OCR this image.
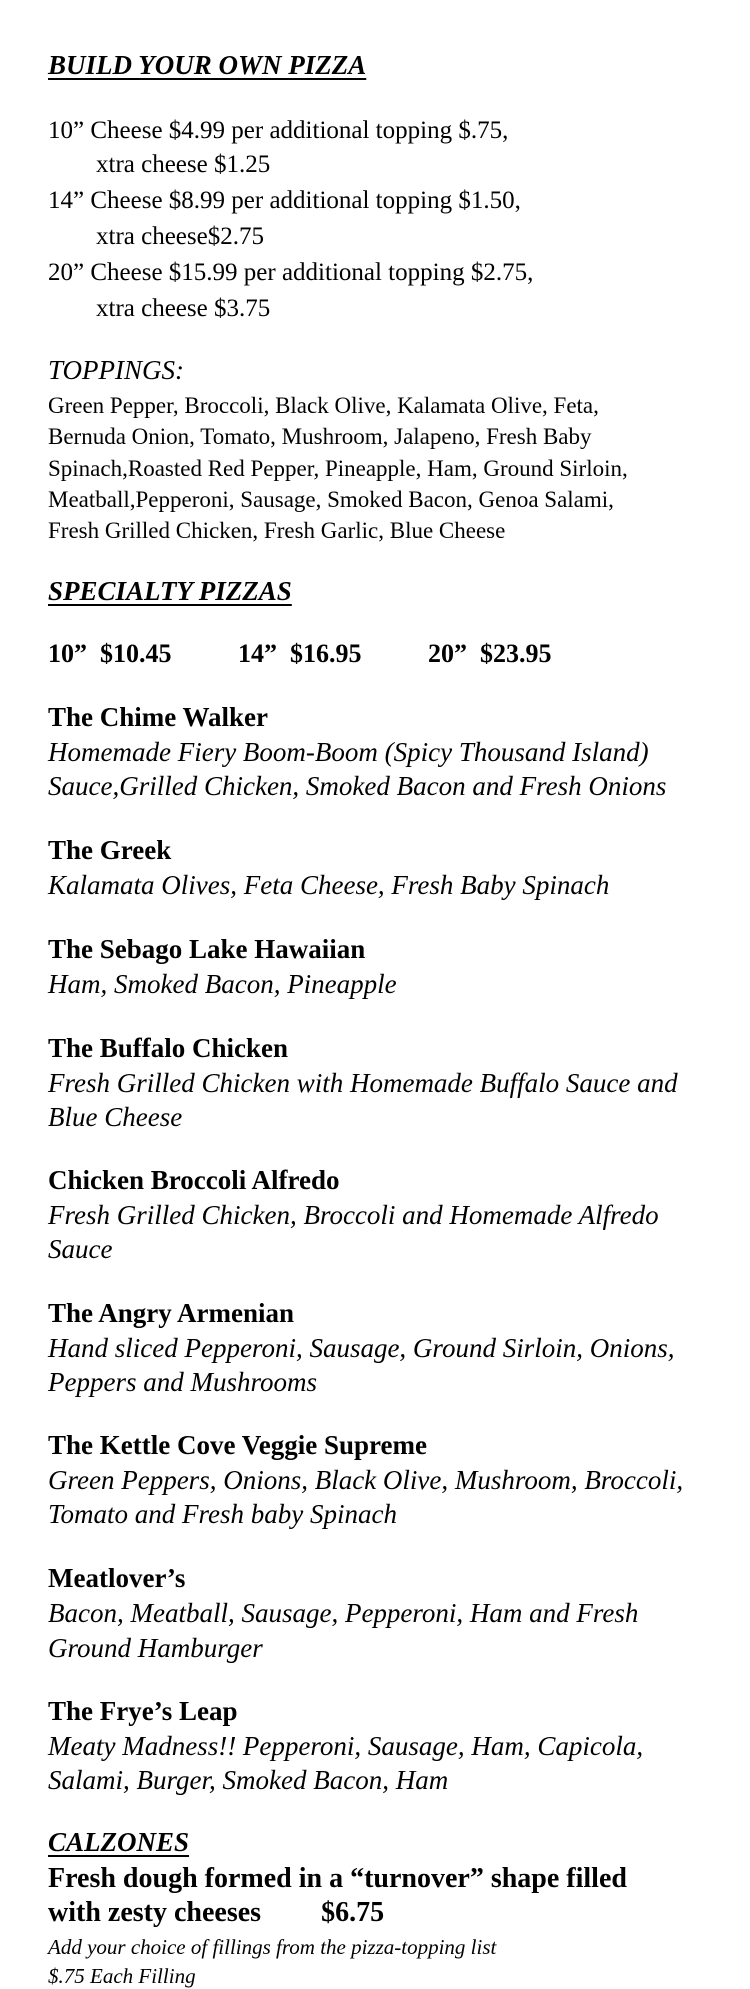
BUILD YOUR OWN PIZZA
10” Cheese $4.99 per additional topping $.75,
xtra cheese $1.25
14” Cheese $8.99 per additional topping $1.50,
xtra cheese$2.75
20” Cheese $15.99 per additional topping $2.75,
xtra cheese $3.75
TOPPINGS:
Green Pepper, Broccoli, Black Olive, Kalamata Olive, Feta,
Bernuda Onion, Tomato, Mushroom, Jalapeno, Fresh Baby
Spinach,Roasted Red Pepper, Pineapple, Ham, Ground Sirloin,
Meatball,Pepperoni, Sausage, Smoked Bacon, Genoa Salami,
Fresh Grilled Chicken, Fresh Garlic, Blue Cheese
SPECIALTY PIZZAS
10” $10.45	14” $16.95	20” $23.95
The Chime Walker
Homemade Fiery Boom-Boom (Spicy Thousand Island)
Sauce,Grilled Chicken, Smoked Bacon and Fresh Onions
The Greek
Kalamata Olives, Feta Cheese, Fresh Baby Spinach
The Sebago Lake Hawaiian
Ham, Smoked Bacon, Pineapple
The Buffalo Chicken
Fresh Grilled Chicken with Homemade Buffalo Sauce and
Blue Cheese
Chicken Broccoli Alfredo
Fresh Grilled Chicken, Broccoli and Homemade Alfredo
Sauce
The Angry Armenian
Hand sliced Pepperoni, Sausage, Ground Sirloin, Onions,
Peppers and Mushrooms
The Kettle Cove Veggie Supreme
Green Peppers, Onions, Black Olive, Mushroom, Broccoli,
Tomato and Fresh baby Spinach
Meatlover’s
Bacon, Meatball, Sausage, Pepperoni, Ham and Fresh
Ground Hamburger
The Frye’s Leap
Meaty Madness!! Pepperoni, Sausage, Ham, Capicola,
Salami, Burger, Smoked Bacon, Ham
CALZONES
Fresh dough formed in a “turnover” shape filled
with zesty cheeses $6.75
Add your choice of fillings from the pizza-topping list
$.75 Each Filling
